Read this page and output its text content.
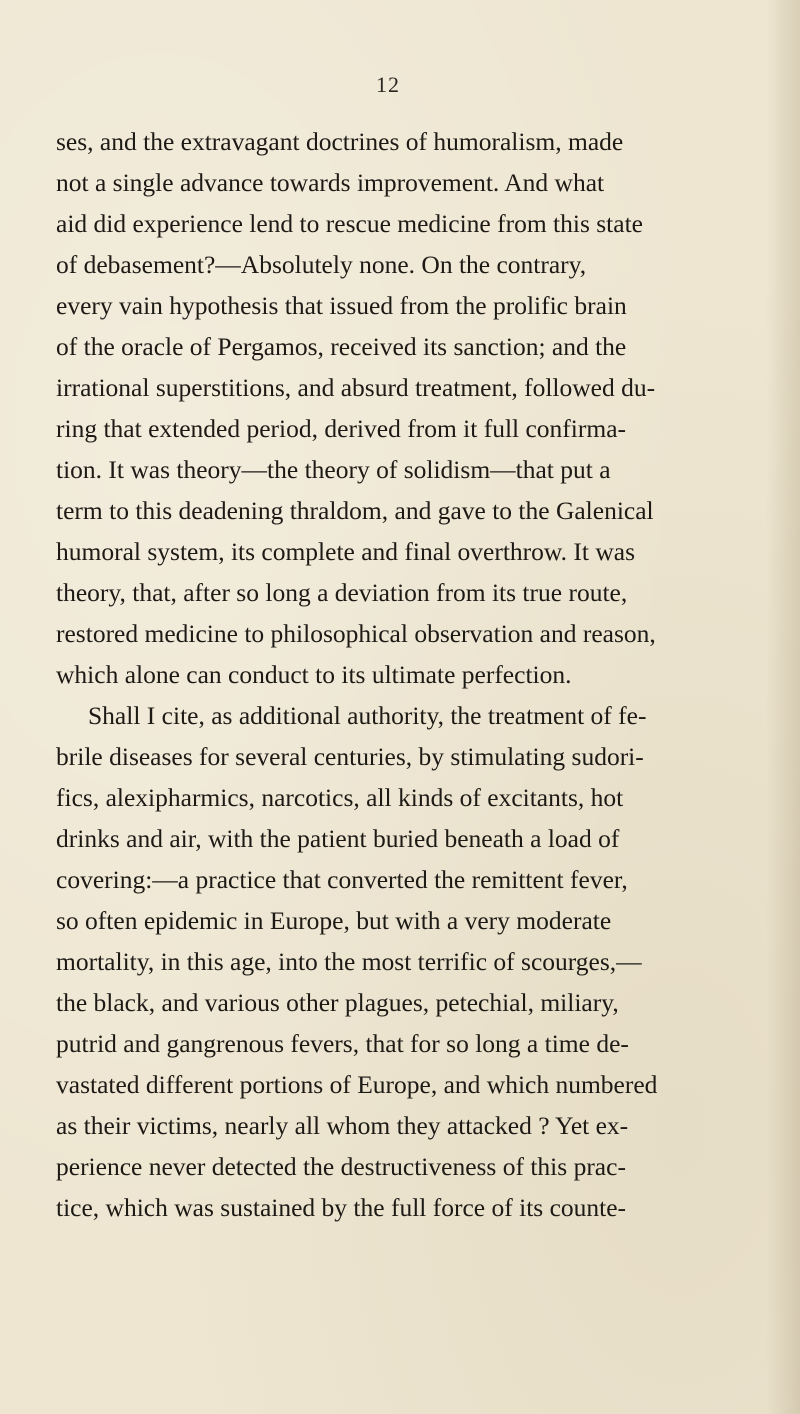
12
ses, and the extravagant doctrines of humoralism, made
not a single advance towards improvement. And what
aid did experience lend to rescue medicine from this state
of debasement?—Absolutely none. On the contrary,
every vain hypothesis that issued from the prolific brain
of the oracle of Pergamos, received its sanction; and the
irrational superstitions, and absurd treatment, followed du-
ring that extended period, derived from it full confirma-
tion. It was theory—the theory of solidism—that put a
term to this deadening thraldom, and gave to the Galenical
humoral system, its complete and final overthrow. It was
theory, that, after so long a deviation from its true route,
restored medicine to philosophical observation and reason,
which alone can conduct to its ultimate perfection.
Shall I cite, as additional authority, the treatment of fe-
brile diseases for several centuries, by stimulating sudori-
fics, alexipharmics, narcotics, all kinds of excitants, hot
drinks and air, with the patient buried beneath a load of
covering:—a practice that converted the remittent fever,
so often epidemic in Europe, but with a very moderate
mortality, in this age, into the most terrific of scourges,—
the black, and various other plagues, petechial, miliary,
putrid and gangrenous fevers, that for so long a time de-
vastated different portions of Europe, and which numbered
as their victims, nearly all whom they attacked ? Yet ex-
perience never detected the destructiveness of this prac-
tice, which was sustained by the full force of its counte-
